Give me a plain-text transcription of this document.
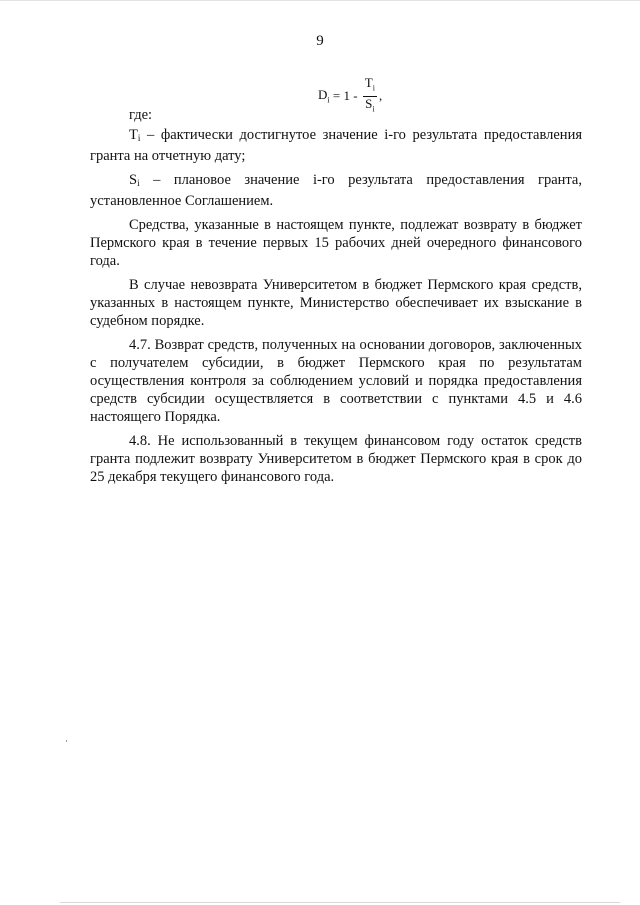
9
$D_i = 1 - \frac{T_i}{S_i}$ ,

где:

Ti – фактически достигнутое значение i-го результата предоставления гранта на отчетную дату;

Si – плановое значение i-го результата предоставления гранта, установленное Соглашением.

Средства, указанные в настоящем пункте, подлежат возврату в бюджет Пермского края в течение первых 15 рабочих дней очередного финансового года.

В случае невозврата Университетом в бюджет Пермского края средств, указанных в настоящем пункте, Министерство обеспечивает их взыскание в судебном порядке.

4.7. Возврат средств, полученных на основании договоров, заключенных с получателем субсидии, в бюджет Пермского края по результатам осуществления контроля за соблюдением условий и порядка предоставления средств субсидии осуществляется в соответствии с пунктами 4.5 и 4.6 настоящего Порядка.

4.8. Не использованный в текущем финансовом году остаток средств гранта подлежит возврату Университетом в бюджет Пермского края в срок до 25 декабря текущего финансового года.
